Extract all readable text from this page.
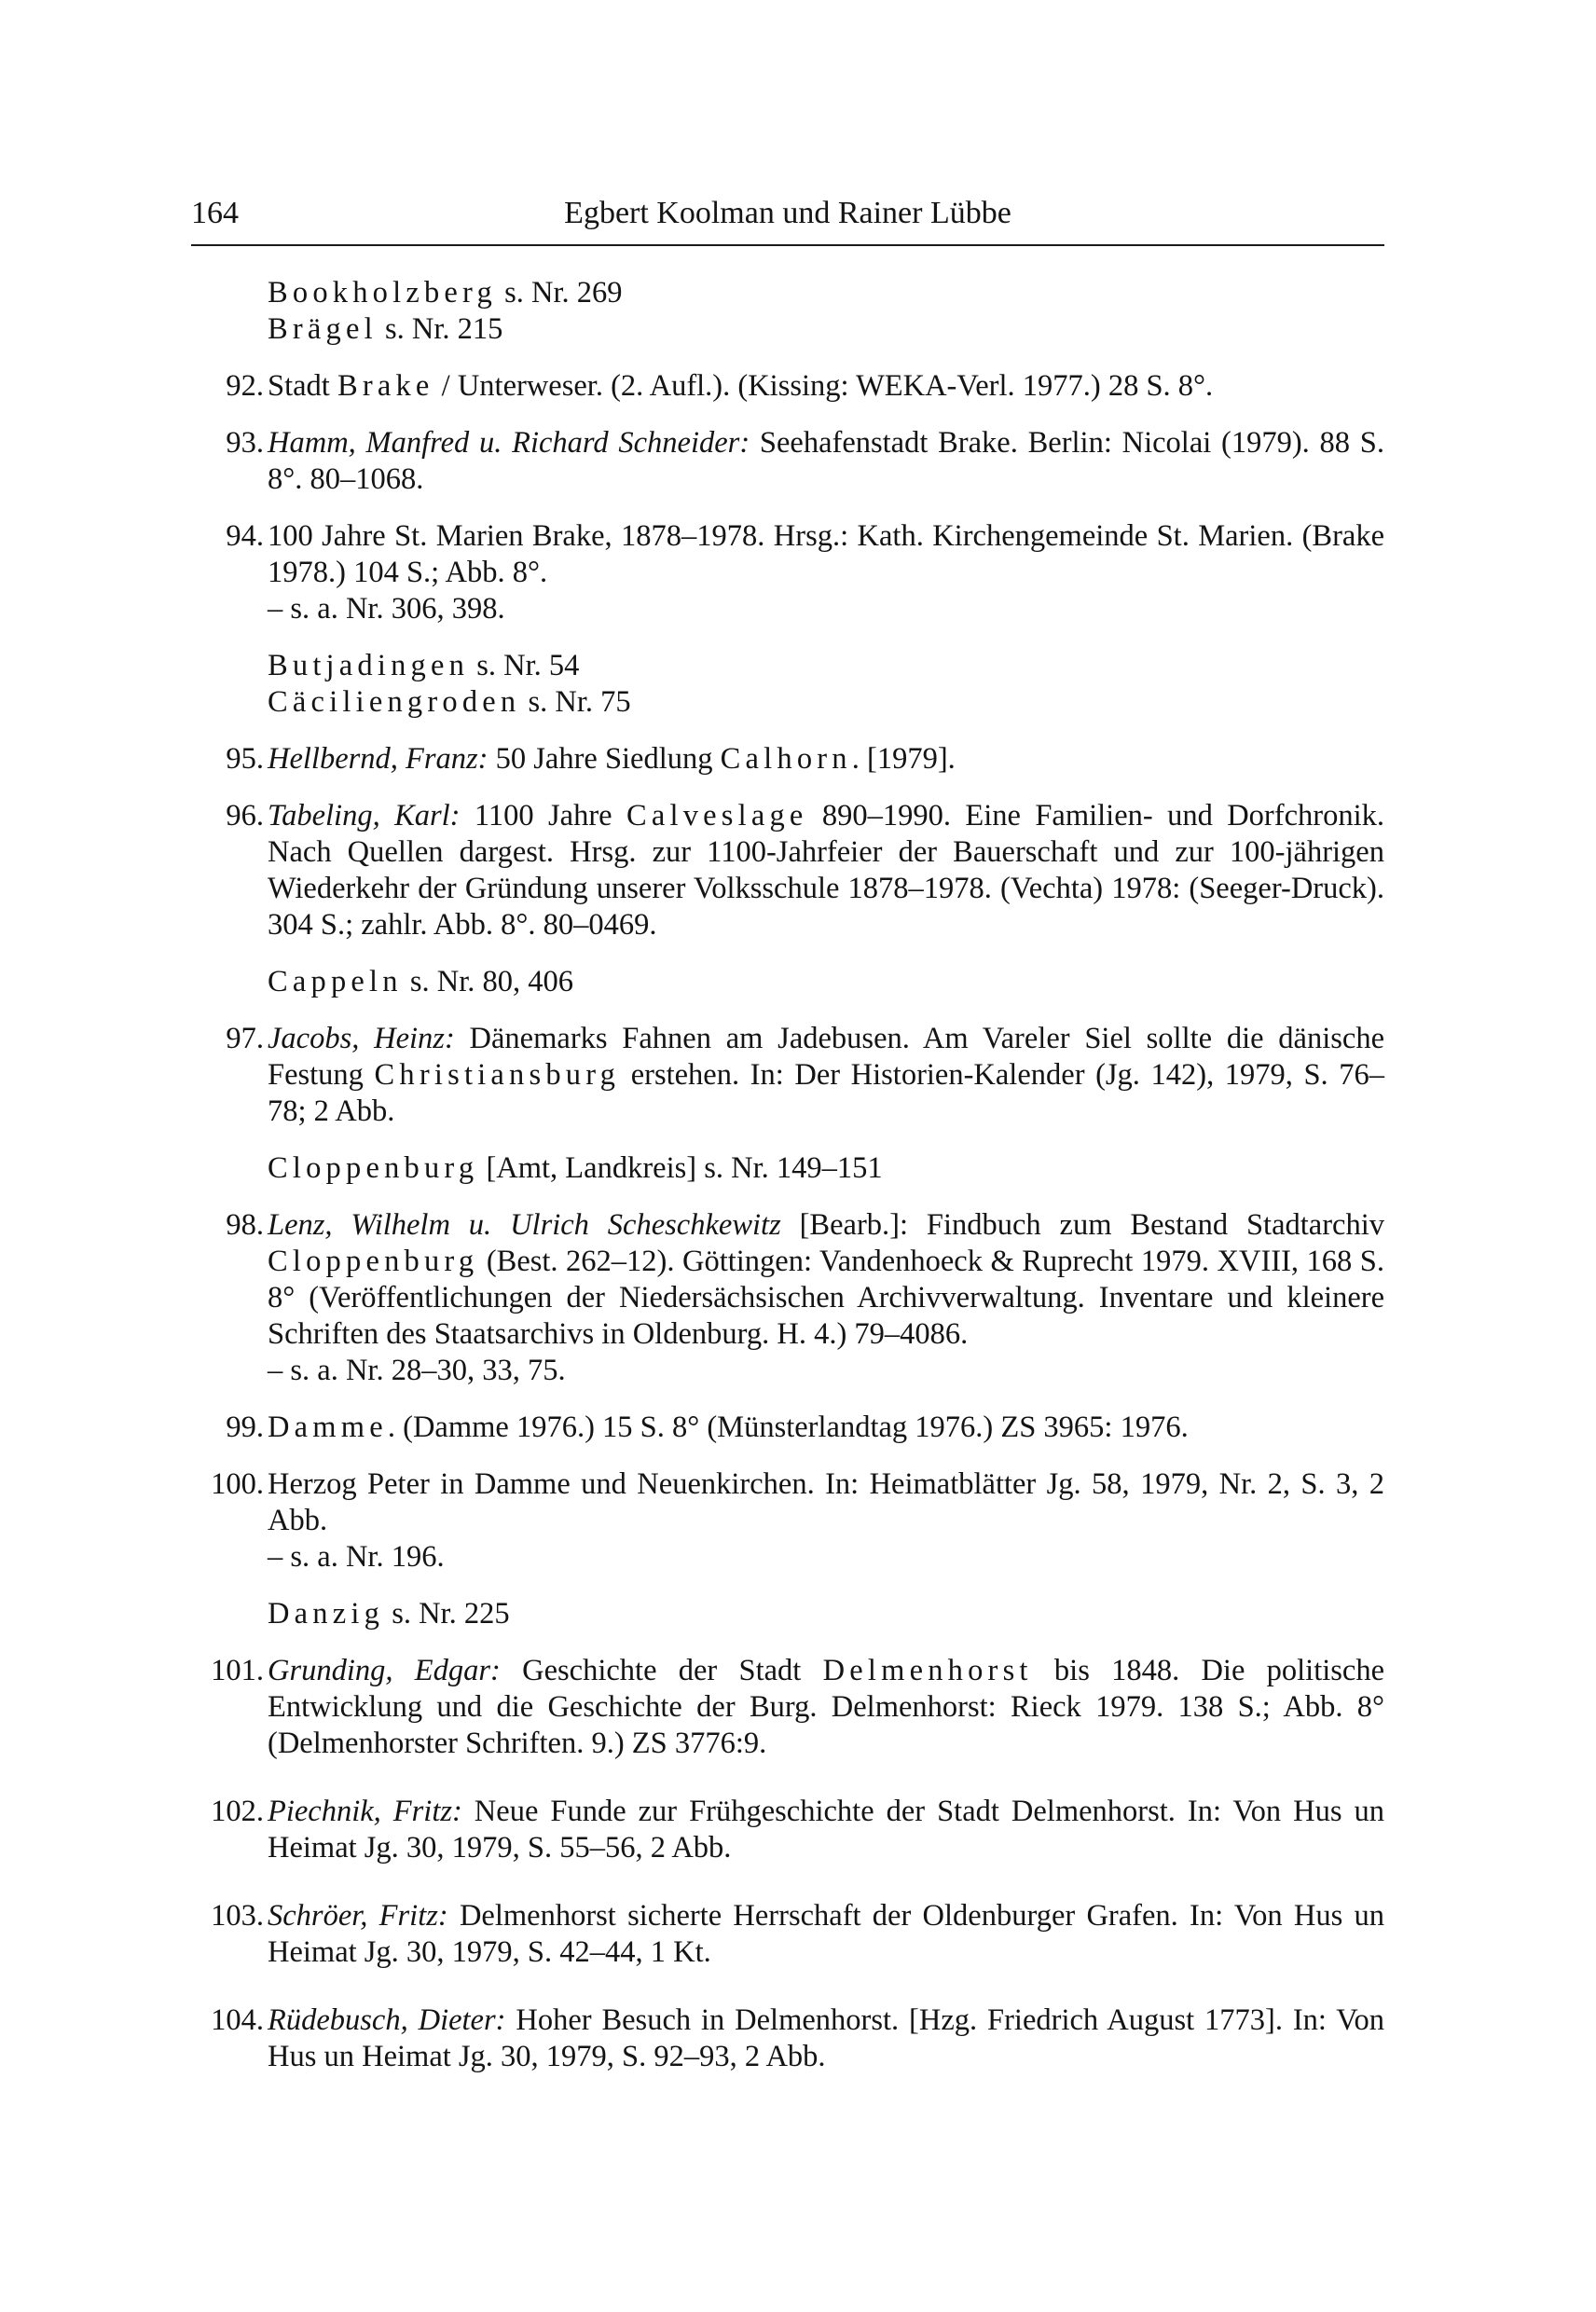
164	Egbert Koolman und Rainer Lübbe
Bookholzberg s. Nr. 269
Brägel s. Nr. 215
92. Stadt Brake / Unterweser. (2. Aufl.). (Kissing: WEKA-Verl. 1977.) 28 S. 8°.
93. Hamm, Manfred u. Richard Schneider: Seehafenstadt Brake. Berlin: Nicolai (1979). 88 S. 8°. 80–1068.
94. 100 Jahre St. Marien Brake, 1878–1978. Hrsg.: Kath. Kirchengemeinde St. Marien. (Brake 1978.) 104 S.; Abb. 8°.
– s. a. Nr. 306, 398.
Butjadingen s. Nr. 54
Cäciliengroden s. Nr. 75
95. Hellbernd, Franz: 50 Jahre Siedlung Calhorn. [1979].
96. Tabeling, Karl: 1100 Jahre Calveslage 890–1990. Eine Familien- und Dorfchronik. Nach Quellen dargest. Hrsg. zur 1100-Jahrfeier der Bauerschaft und zur 100-jährigen Wiederkehr der Gründung unserer Volksschule 1878–1978. (Vechta) 1978: (Seeger-Druck). 304 S.; zahlr. Abb. 8°. 80–0469.
Cappeln s. Nr. 80, 406
97. Jacobs, Heinz: Dänemarks Fahnen am Jadebusen. Am Vareler Siel sollte die dänische Festung Christiansburg erstehen. In: Der Historien-Kalender (Jg. 142), 1979, S. 76–78; 2 Abb.
Cloppenburg [Amt, Landkreis] s. Nr. 149–151
98. Lenz, Wilhelm u. Ulrich Scheschkewitz [Bearb.]: Findbuch zum Bestand Stadtarchiv Cloppenburg (Best. 262–12). Göttingen: Vandenhoeck & Ruprecht 1979. XVIII, 168 S. 8° (Veröffentlichungen der Niedersächsischen Archivverwaltung. Inventare und kleinere Schriften des Staatsarchivs in Oldenburg. H. 4.) 79–4086.
– s. a. Nr. 28–30, 33, 75.
99. Damme. (Damme 1976.) 15 S. 8° (Münsterlandtag 1976.) ZS 3965: 1976.
100. Herzog Peter in Damme und Neuenkirchen. In: Heimatblätter Jg. 58, 1979, Nr. 2, S. 3, 2 Abb.
– s. a. Nr. 196.
Danzig s. Nr. 225
101. Grunding, Edgar: Geschichte der Stadt Delmenhorst bis 1848. Die politische Entwicklung und die Geschichte der Burg. Delmenhorst: Rieck 1979. 138 S.; Abb. 8° (Delmenhorster Schriften. 9.) ZS 3776:9.
102. Piechnik, Fritz: Neue Funde zur Frühgeschichte der Stadt Delmenhorst. In: Von Hus un Heimat Jg. 30, 1979, S. 55–56, 2 Abb.
103. Schröer, Fritz: Delmenhorst sicherte Herrschaft der Oldenburger Grafen. In: Von Hus un Heimat Jg. 30, 1979, S. 42–44, 1 Kt.
104. Rüdebusch, Dieter: Hoher Besuch in Delmenhorst. [Hzg. Friedrich August 1773]. In: Von Hus un Heimat Jg. 30, 1979, S. 92–93, 2 Abb.
